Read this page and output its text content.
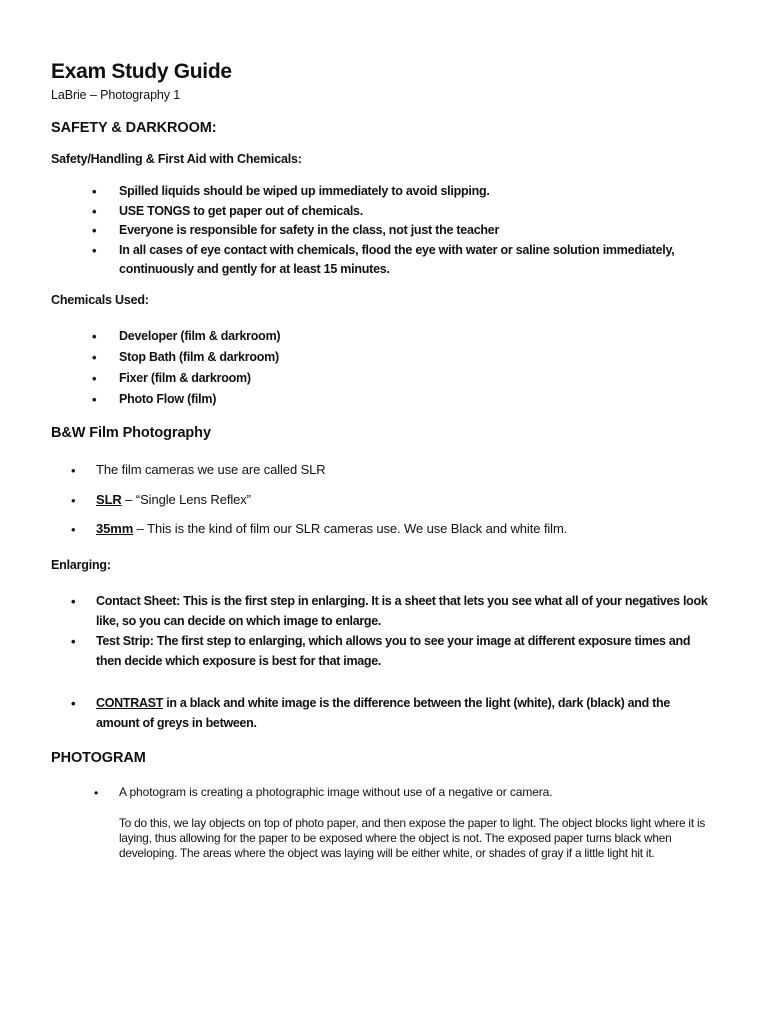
Exam Study Guide
LaBrie – Photography 1
SAFETY & DARKROOM:
Safety/Handling & First Aid with Chemicals:
• Spilled liquids should be wiped up immediately to avoid slipping.
• USE TONGS to get paper out of chemicals.
• Everyone is responsible for safety in the class, not just the teacher
• In all cases of eye contact with chemicals, flood the eye with water or saline solution immediately, continuously and gently for at least 15 minutes.
Chemicals Used:
• Developer (film & darkroom)
• Stop Bath (film & darkroom)
• Fixer (film & darkroom)
• Photo Flow (film)
B&W Film Photography
• The film cameras we use are called SLR
• SLR – “Single Lens Reflex”
• 35mm – This is the kind of film our SLR cameras use. We use Black and white film.
Enlarging:
• Contact Sheet: This is the first step in enlarging. It is a sheet that lets you see what all of your negatives look like, so you can decide on which image to enlarge.
• Test Strip: The first step to enlarging, which allows you to see your image at different exposure times and then decide which exposure is best for that image.
• CONTRAST in a black and white image is the difference between the light (white), dark (black) and the amount of greys in between.
PHOTOGRAM
• A photogram is creating a photographic image without use of a negative or camera.

To do this, we lay objects on top of photo paper, and then expose the paper to light. The object blocks light where it is laying, thus allowing for the paper to be exposed where the object is not. The exposed paper turns black when developing. The areas where the object was laying will be either white, or shades of gray if a little light hit it.
